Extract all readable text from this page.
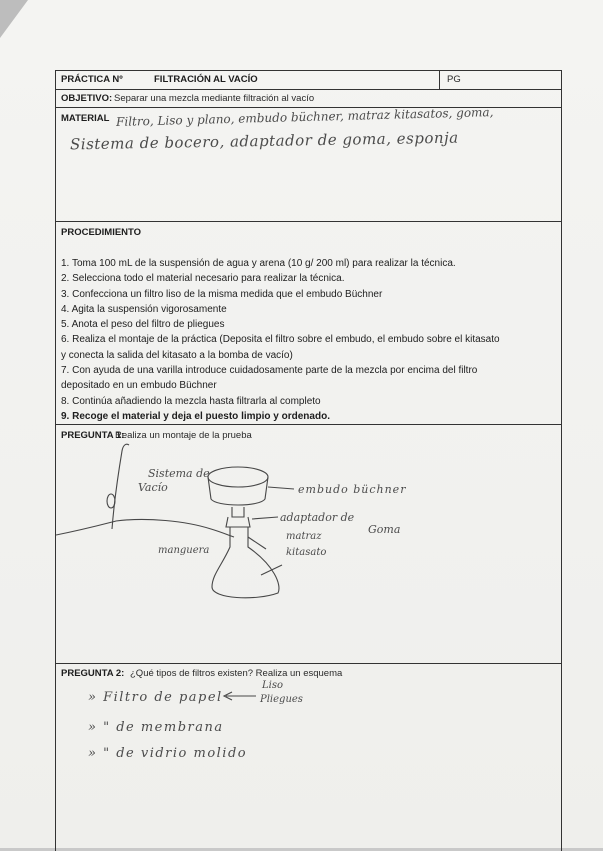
PRÁCTICA Nº	FILTRACIÓN AL VACÍO	PG
OBJETIVO: Separar una mezcla mediante filtración al vacío
MATERIAL Filtro, Liso y plano, embudo büchner, matraz kitasatos, goma,
Sistema de bocero, adaptador de goma, esponja
PROCEDIMIENTO
1. Toma 100 mL de la suspensión de agua y arena (10 g/ 200 ml) para realizar la técnica.
2. Selecciona todo el material necesario para realizar la técnica.
3. Confecciona un filtro liso de la misma medida que el embudo Büchner
4. Agita la suspensión vigorosamente
5. Anota el peso del filtro de pliegues
6. Realiza el montaje de la práctica (Deposita el filtro sobre el embudo, el embudo sobre el kitasato
y conecta la salida del kitasato a la bomba de vacío)
7. Con ayuda de una varilla introduce cuidadosamente parte de la mezcla por encima del filtro
depositado en un embudo Büchner
8. Continúa añadiendo la mezcla hasta filtrarla al completo
9. Recoge el material y deja el puesto limpio y ordenado.
PREGUNTA 1:
Realiza un montaje de la prueba
Sistema de
Vacío	embudo büchner
adaptador de
Goma
matraz
kitasato
manguera
PREGUNTA 2: ¿Qué tipos de filtros existen? Realiza un esquema
» Filtro de papel
Liso
Pliegues
» " de membrana
» " de vidrio molido
